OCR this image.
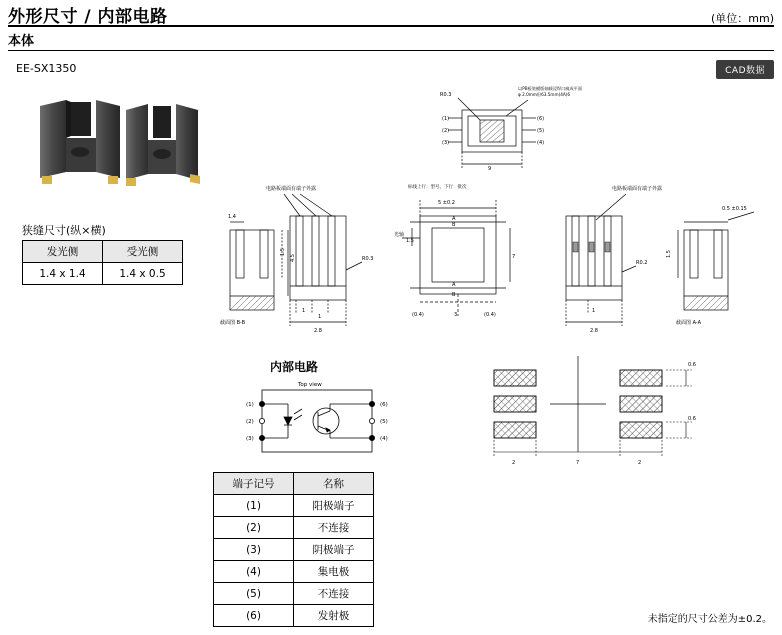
外形尺寸 / 内部电路	(单位：mm)
本体
EE-SX1350	CAD数据
狭缝尺寸(纵×横)
发光侧	受光侧
1.4 x 1.4	1.4 x 0.5
(1)
(2)
(3)
(6)
(5)
(4)
9
R0.3
以PB板装模版轴载浸焊口廓成平面
φ 2.0mm但63.5mm(4A)6
1.4
1.5
4.5
截面图 B-B
电路板端面有端子外露
R0.3
1
1
2.8
5 ±0.2
光轴
1.5
7
A
B
A
B
(0.4)	(0.4)
3
标线上行：型号、下行：批次	电路板端面有端子外露
R0.2
1
2.8
1.5
0.5 ±0.15
截面图 A-A
0.6
0.6
2	7	2
内部电路
(1)
(2)
(3)
(6)
(5)
(4)
Top view
端子记号	名称
(1)	阳极端子
(2)	不连接
(3)	阴极端子
(4)	集电极
(5)	不连接
(6)	发射极	未指定的尺寸公差为±0.2。
